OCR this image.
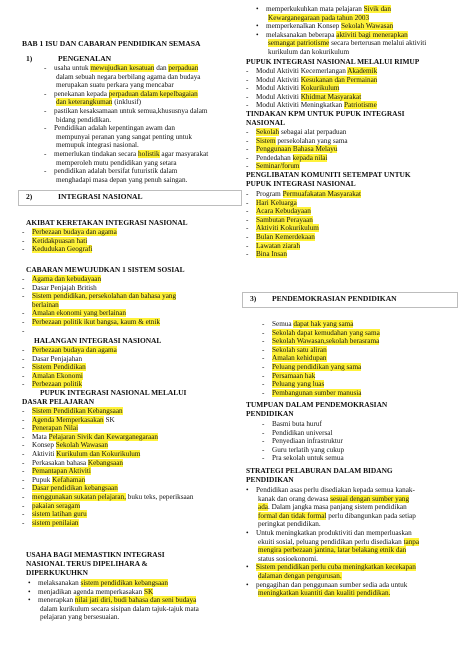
BAB 1 ISU DAN CABARAN PENDIDIKAN SEMASA
1)	PENGENALAN
- usaha untuk mewujudkan kesatuan dan perpaduan
dalam sebuah negara berbilang agama dan budaya
merupakan suatu perkara yang mencabar
- penekanan kepada perpaduan dalam kepelbagaian
dan keterangkuman (inklusif)
- pastikan kesaksamaan untuk semua,khususnya dalam
bidang pendidikan.
- Pendidikan adalah kepentingan awam dan
mempunyai peranan yang sangat penting untuk
memupuk integrasi nasional.
- memerlukan tindakan secara holistik agar masyarakat
memperoleh mutu pendidikan yang setara
- pendidikan adalah bersifat futuristik dalam
menghadapi masa depan yang penuh saingan.
2)	INTEGRASI NASIONAL
AKIBAT KERETAKAN INTEGRASI NASIONAL
- Perbezaan budaya dan agama
- Ketidakpuasan hati
- Kedudukan Geografi
CABARAN MEWUJUDKAN 1 SISTEM SOSIAL
- Agama dan kebudayaan
- Dasar Penjajah British
- Sistem pendidikan, persekolahan dan bahasa yang
berlainan
- Amalan ekonomi yang berlainan
- Perbezaan politik ikut bangsa, kaum & etnik
-
HALANGAN INTEGRASI NASIONAL
- Perbezaan budaya dan agama
- Dasar Penjajahan
- Sistem Pendidikan
- Amalan Ekonomi
- Perbezaan politik
PUPUK INTEGRASI NASIONAL MELALUI
DASAR PELAJARAN
- Sistem Pendidikan Kebangsaan
- Agenda Memperkasakan SK
- Penerapan Nilai
- Mata Pelajaran Sivik dan Kewarganegaraan
- Konsep Sekolah Wawasan
- Aktiviti Kurikulum dan Kokurikulum
- Perkasakan bahasa Kebangsaan
- Pemantapan Aktiviti
- Pupuk Kefahaman
- Dasar pendidikan kebangsaan
- menggunakan sukatan pelajaran, buku teks, peperiksaan
- pakaian seragam
- sistem latihan guru
- sistem penilaian
USAHA BAGI MEMASTIKN INTEGRASI
NASIONAL TERUS DIPELIHARA &
DIPERKUKUHKN
• melaksanakan sistem pendidikan kebangsaan
• menjadikan agenda memperkasakan SK
• menerapkan nilai jati diri, budi bahasa dan seni budaya
dalam kurikulum secara sisipan dalam tajuk-tajuk mata
pelajaran yang bersesuaian.
• memperkukuhkan mata pelajaran Sivik dan
Kewarganegaraan pada tahun 2003
• memperkenalkan Konsep Sekolah Wawasan
• melaksanakan beberapa aktiviti bagi menerapkan
semangat patriotisme secara berterusan melalui aktiviti
kurikulum dan kokurikulum
PUPUK INTEGRASI NASIONAL MELALUI RIMUP
- Modul Aktiviti Kecemerlangan Akademik
- Modul Aktiviti Kesukanan dan Permainan
- Modul Aktiviti Kokurikulum
- Modul Aktiviti Khidmat Masyarakat
- Modul Aktiviti Meningkatkan Patriotisme
TINDAKAN KPM UNTUK PUPUK INTEGRASI
NASIONAL
- Sekolah sebagai alat perpaduan
- Sistem persekolahan yang sama
- Penggunaan Bahasa Melayu
- Pendedahan kepada nilai
- Seminar/forum
PENGLIBATAN KOMUNITI SETEMPAT UNTUK
PUPUK INTEGRASI NASIONAL
- Program Permuafakatan Masyarakat
- Hari Keluarga
- Acara Kebudayaan
- Sambutan Perayaan
- Aktiviti Kokurikulum
- Bulan Kemerdekaan
- Lawatan ziarah
- Bina Insan
3) PENDEMOKRASIAN PENDIDIKAN
- Semua dapat hak yang sama
- Sekolah dapat kemudahan yang sama
- Sekolah Wawasan,sekolah berasrama
- Sekolah satu aliran
- Amalan kehidupan
- Peluang pendidikan yang sama
- Persamaan hak
- Peluang yang luas
- Pembangunan sumber manusia
TUMPUAN DALAM PENDEMOKRASIAN
PENDIDIKAN
- Basmi buta huruf
- Pendidikan universal
- Penyediaan infrastruktur
- Guru terlatih yang cukup
- Pra sekolah untuk semua
STRATEGI PELABURAN DALAM BIDANG
PENDIDIKAN
• Pendidikan asas perlu disediakan kepada semua kanak-
kanak dan orang dewasa sesuai dengan sumber yang
ada. Dalam jangka masa panjang sistem pendidikan
formal dan tidak formal perlu dibangunkan pada setiap
peringkat pendidikan.
• Untuk meningkatkan produktiviti dan memperluaskan
ekuiti sosial, peluang pendidikan perlu disediakan tanpa
mengira perbezaan jantina, latar belakang etnik dan
status sosioekonomi.
• Sistem pendidikan perlu cuba meningkatkan kecekapan
dalaman dengan pengurusan.
• pengagihan dan penggunaan sumber sedia ada untuk
meningkatkan kuantiti dan kualiti pendidikan.
